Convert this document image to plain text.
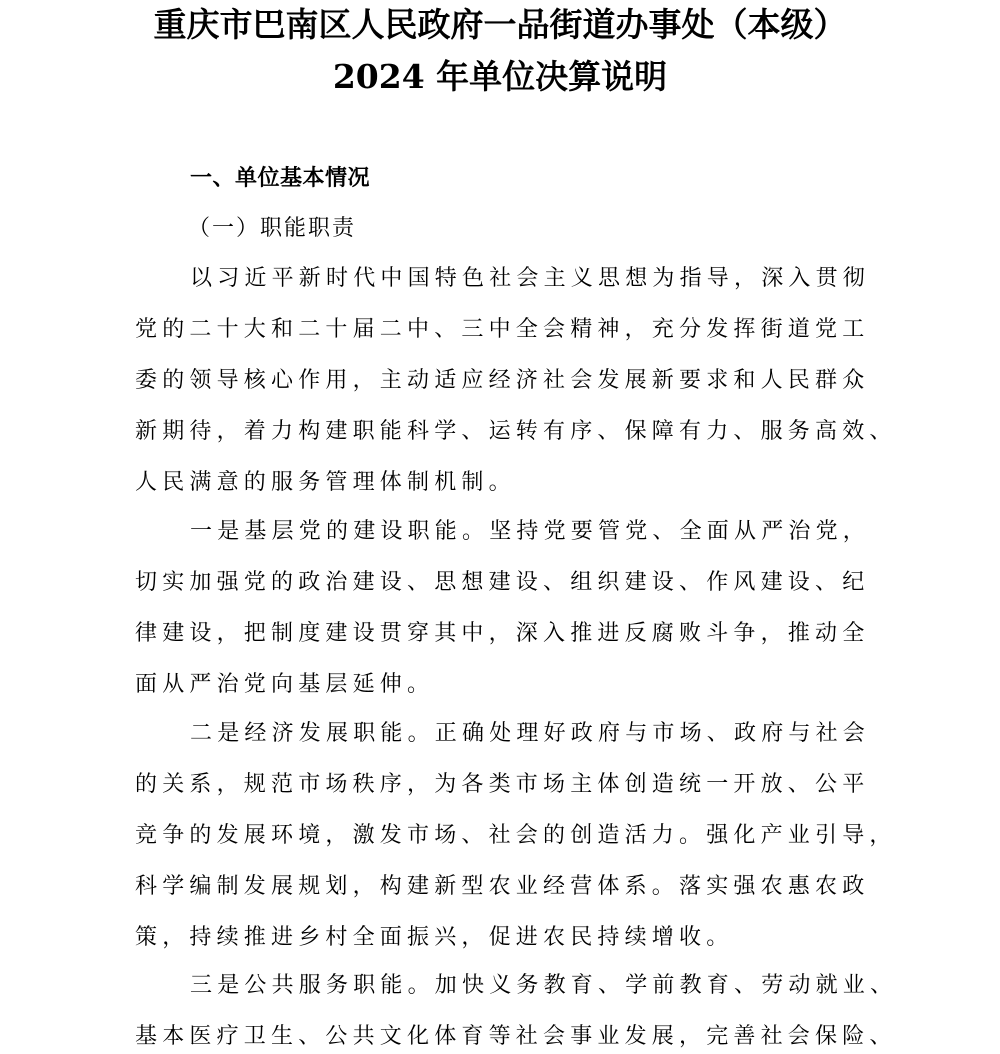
重庆市巴南区人民政府一品街道办事处（本级）
2024 年单位决算说明
一、单位基本情况
（一）职能职责
以习近平新时代中国特色社会主义思想为指导，深入贯彻
党的二十大和二十届二中、三中全会精神，充分发挥街道党工
委的领导核心作用，主动适应经济社会发展新要求和人民群众
新期待，着力构建职能科学、运转有序、保障有力、服务高效、
人民满意的服务管理体制机制。
一是基层党的建设职能。坚持党要管党、全面从严治党，
切实加强党的政治建设、思想建设、组织建设、作风建设、纪
律建设，把制度建设贯穿其中，深入推进反腐败斗争，推动全
面从严治党向基层延伸。
二是经济发展职能。正确处理好政府与市场、政府与社会
的关系，规范市场秩序，为各类市场主体创造统一开放、公平
竞争的发展环境，激发市场、社会的创造活力。强化产业引导，
科学编制发展规划，构建新型农业经营体系。落实强农惠农政
策，持续推进乡村全面振兴，促进农民持续增收。
三是公共服务职能。加快义务教育、学前教育、劳动就业、
基本医疗卫生、公共文化体育等社会事业发展，完善社会保险、
